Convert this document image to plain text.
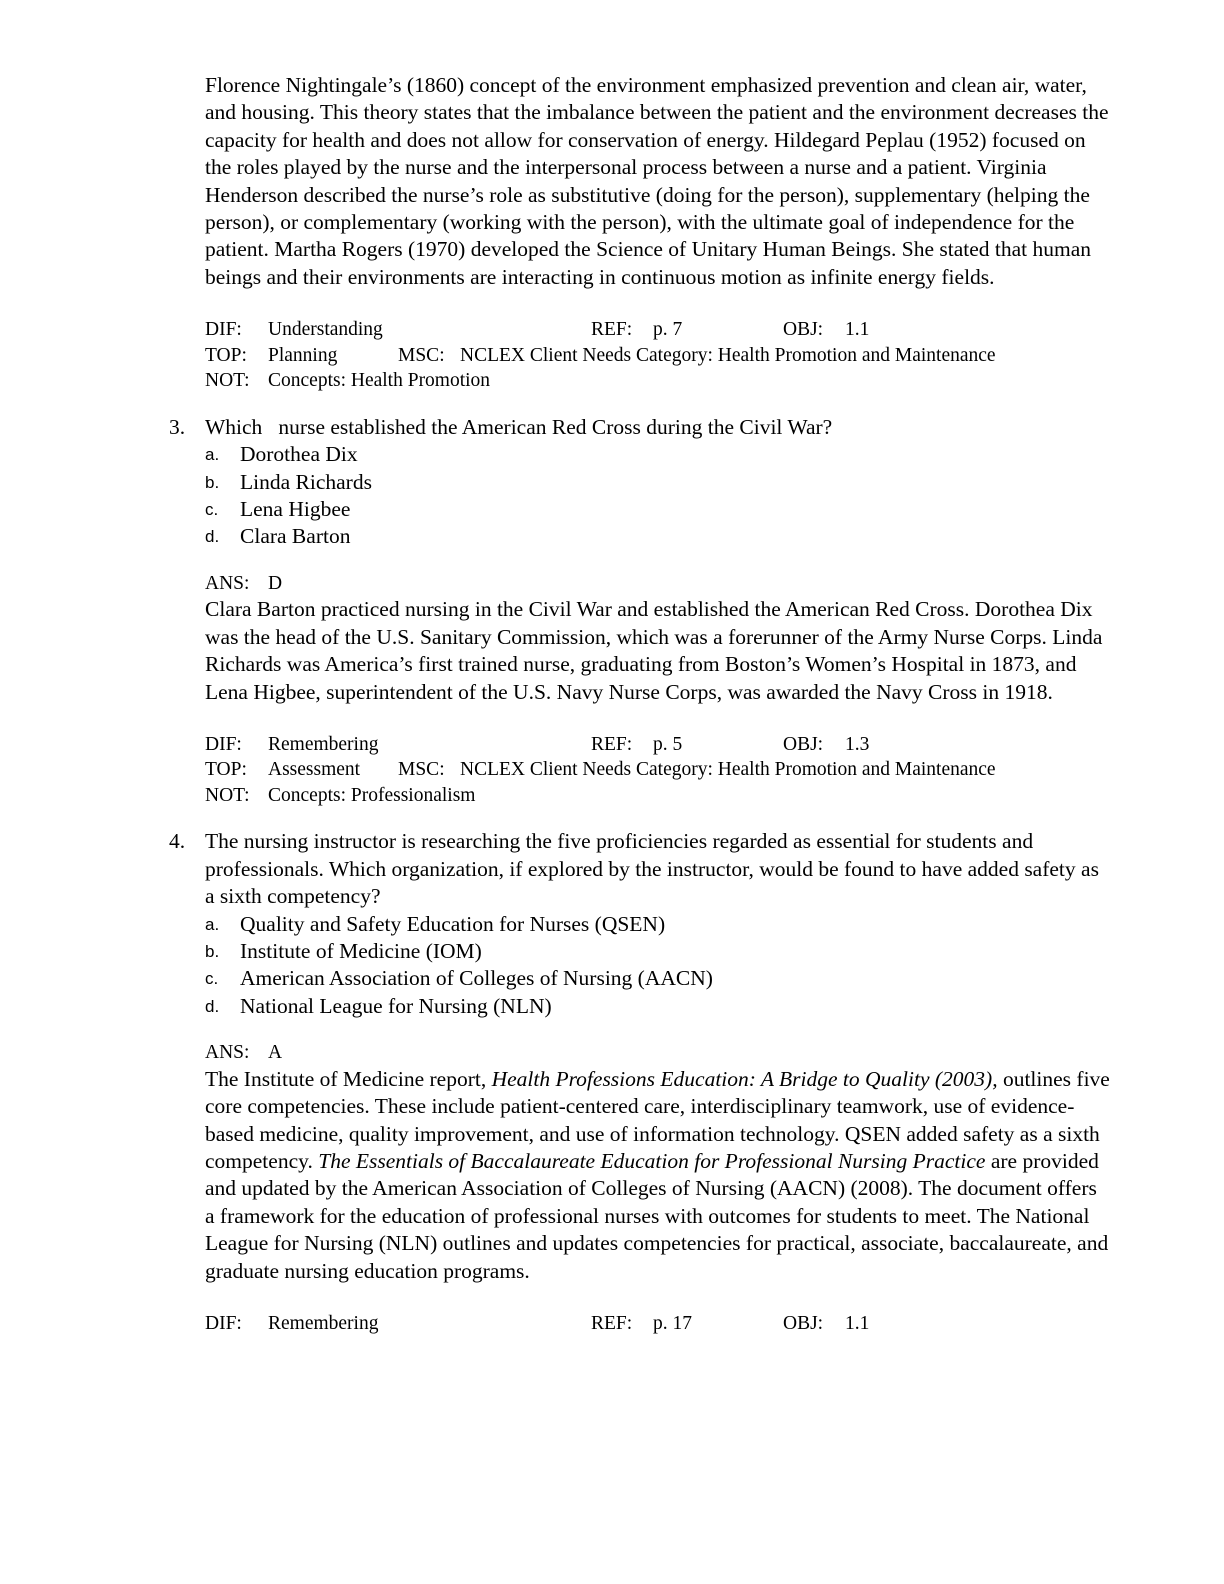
Florence Nightingale’s (1860) concept of the environment emphasized prevention and clean air, water, and housing. This theory states that the imbalance between the patient and the environment decreases the capacity for health and does not allow for conservation of energy. Hildegard Peplau (1952) focused on the roles played by the nurse and the interpersonal process between a nurse and a patient. Virginia Henderson described the nurse’s role as substitutive (doing for the person), supplementary (helping the person), or complementary (working with the person), with the ultimate goal of independence for the patient. Martha Rogers (1970) developed the Science of Unitary Human Beings. She stated that human beings and their environments are interacting in continuous motion as infinite energy fields.

DIF:	Understanding	REF:	p. 7	OBJ:	1.1
TOP:	Planning	MSC: NCLEX Client Needs Category: Health Promotion and Maintenance
NOT: Concepts: Health Promotion
3. Which   nurse established the American Red Cross during the Civil War?

a. Dorothea Dix
b. Linda Richards
c.	Lena Higbee
d. Clara Barton
ANS: D

Clara Barton practiced nursing in the Civil War and established the American Red Cross. Dorothea Dix was the head of the U.S. Sanitary Commission, which was a forerunner of the Army Nurse Corps. Linda Richards was America’s first trained nurse, graduating from Boston’s Women’s Hospital in 1873, and Lena Higbee, superintendent of the U.S. Navy Nurse Corps, was awarded the Navy Cross in 1918.

DIF:	Remembering	REF:	p. 5	OBJ:	1.3
TOP:	Assessment	MSC: NCLEX Client Needs Category: Health Promotion and Maintenance
NOT: Concepts: Professionalism
4. The nursing instructor is researching the five proficiencies regarded as essential for students and professionals. Which organization, if explored by the instructor, would be found to have added safety as a sixth competency?

a. Quality and Safety Education for Nurses (QSEN)
b. Institute of Medicine (IOM)
c.	American Association of Colleges of Nursing (AACN)
d. National League for Nursing (NLN)
ANS: A

The Institute of Medicine report, Health Professions Education: A Bridge to Quality (2003), outlines five core competencies. These include patient-centered care, interdisciplinary teamwork, use of evidence-based medicine, quality improvement, and use of information technology. QSEN added safety as a sixth competency. The Essentials of Baccalaureate Education for Professional Nursing Practice are provided and updated by the American Association of Colleges of Nursing (AACN) (2008). The document offers a framework for the education of professional nurses with outcomes for students to meet. The National League for Nursing (NLN) outlines and updates competencies for practical, associate, baccalaureate, and graduate nursing education programs.

DIF:	Remembering	REF:	p. 17	OBJ:	1.1
